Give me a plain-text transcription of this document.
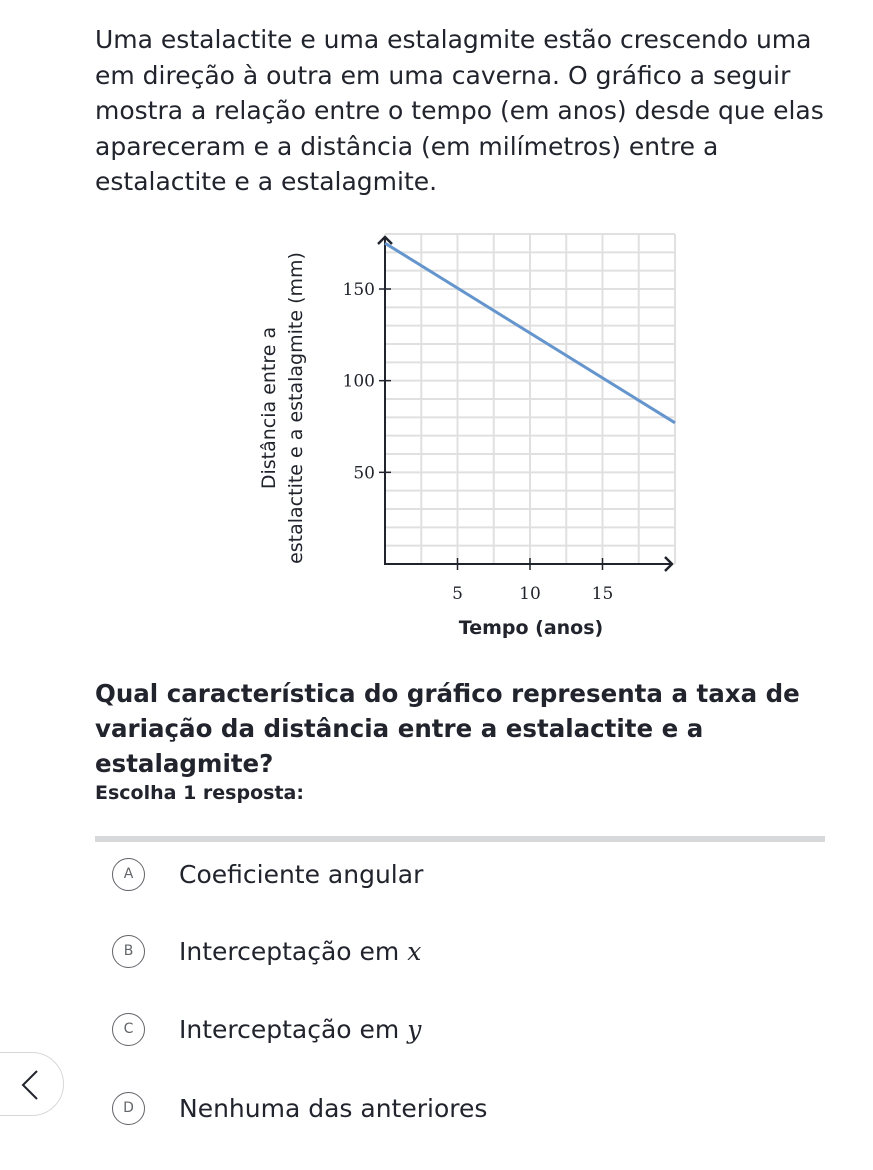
Uma estalactite e uma estalagmite estão crescendo uma em direção à outra em uma caverna. O gráfico a seguir mostra a relação entre o tempo (em anos) desde que elas apareceram e a distância (em milímetros) entre a estalactite e a estalagmite.

5	10	15
50
100
150
Distância entre a estalactite e a estalagmite (mm)
Tempo (anos)

Qual característica do gráfico representa a taxa de variação da distância entre a estalactite e a estalagmite?

Escolha 1 resposta:

A	Coeficiente angular
B	Interceptação em x
C	Interceptação em y
D	Nenhuma das anteriores
